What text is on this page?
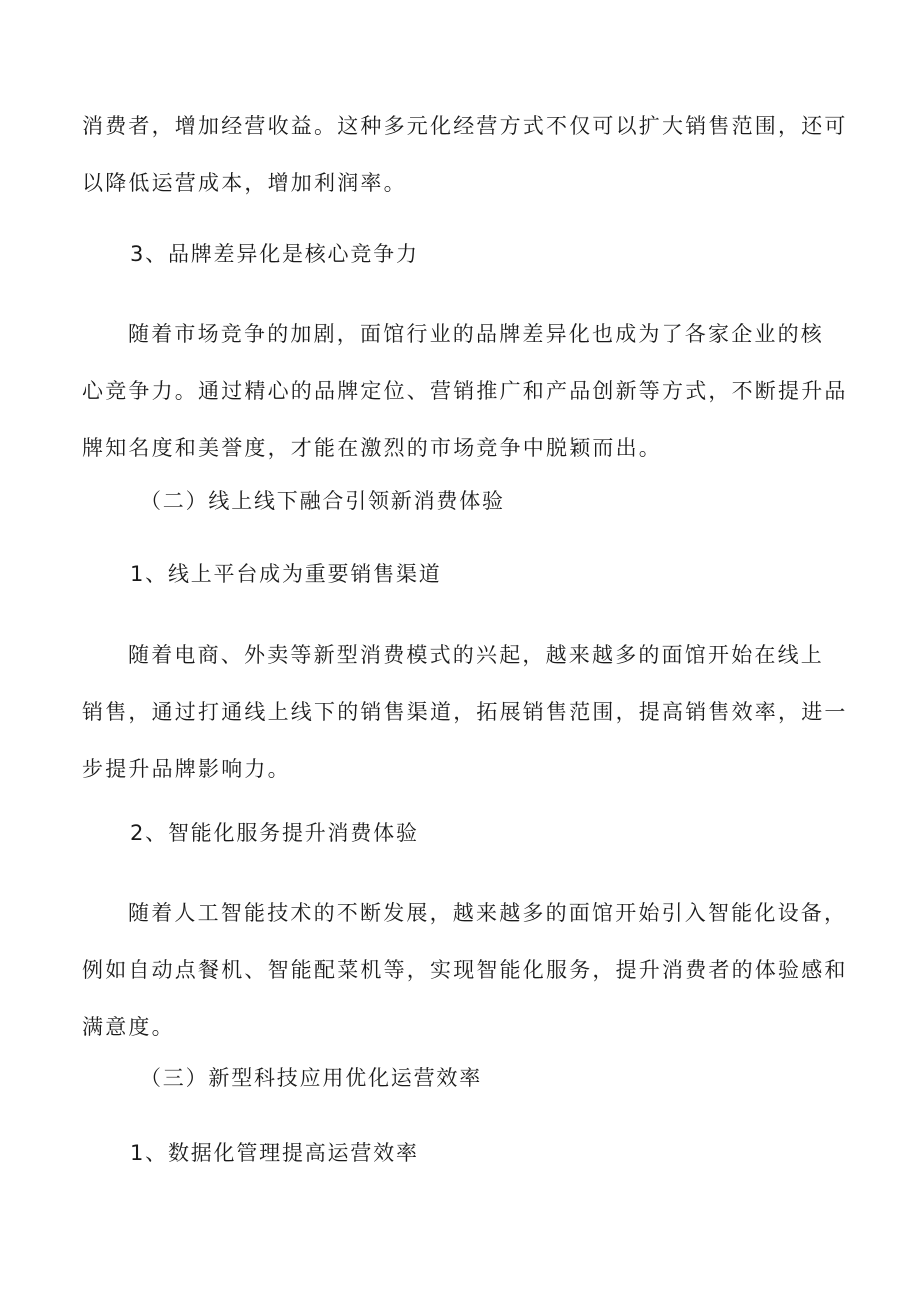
消费者，增加经营收益。这种多元化经营方式不仅可以扩大销售范围，还可
以降低运营成本，增加利润率。
3、品牌差异化是核心竞争力
随着市场竞争的加剧，面馆行业的品牌差异化也成为了各家企业的核
心竞争力。通过精心的品牌定位、营销推广和产品创新等方式，不断提升品
牌知名度和美誉度，才能在激烈的市场竞争中脱颖而出。
（二）线上线下融合引领新消费体验
1、线上平台成为重要销售渠道
随着电商、外卖等新型消费模式的兴起，越来越多的面馆开始在线上
销售，通过打通线上线下的销售渠道，拓展销售范围，提高销售效率，进一
步提升品牌影响力。
2、智能化服务提升消费体验
随着人工智能技术的不断发展，越来越多的面馆开始引入智能化设备，
例如自动点餐机、智能配菜机等，实现智能化服务，提升消费者的体验感和
满意度。
（三）新型科技应用优化运营效率
1、数据化管理提高运营效率
